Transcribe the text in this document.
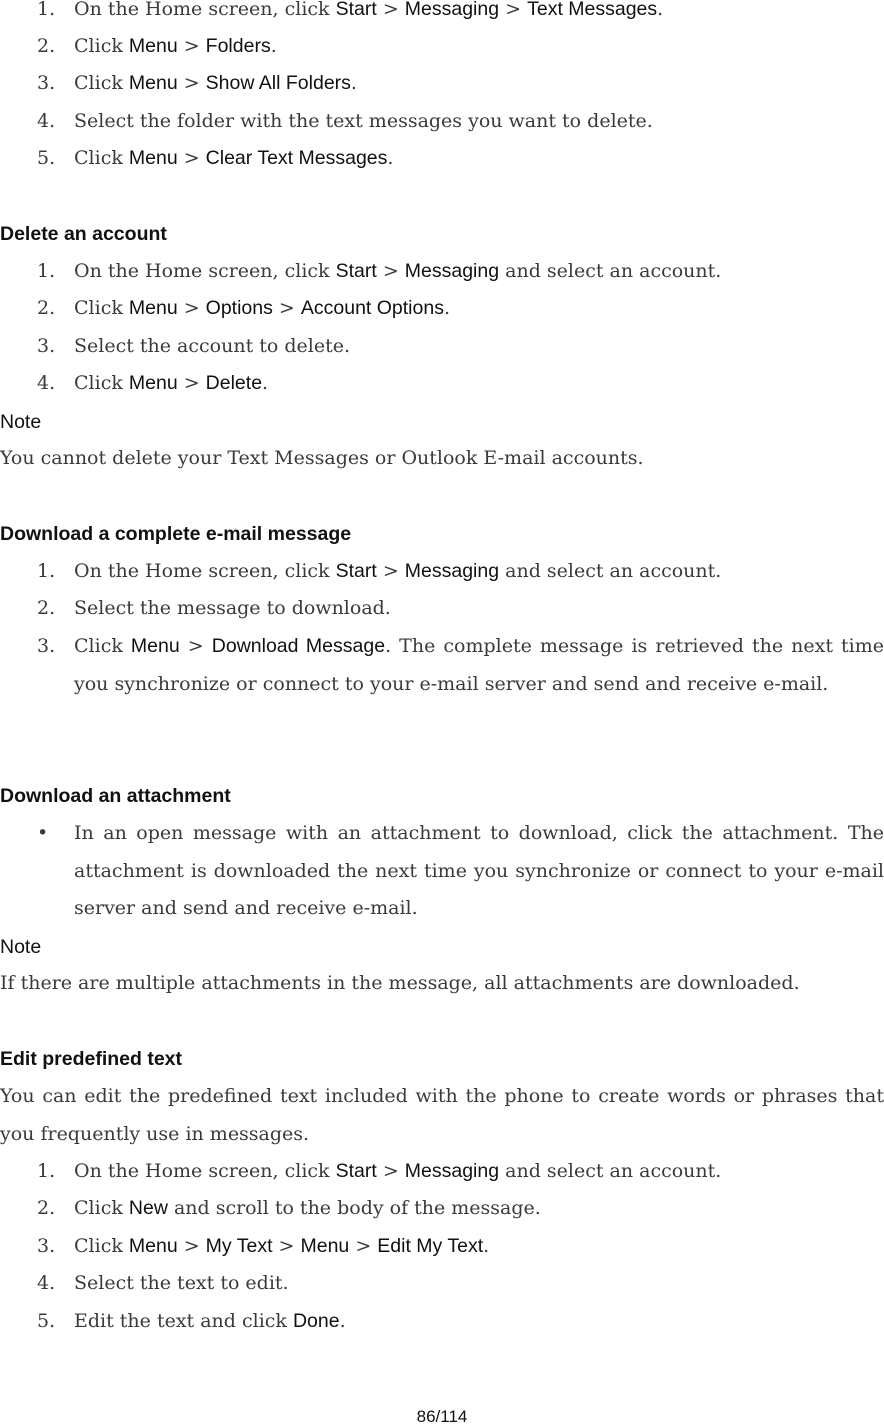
1. On the Home screen, click Start > Messaging > Text Messages.
2. Click Menu > Folders.
3. Click Menu > Show All Folders.
4. Select the folder with the text messages you want to delete.
5. Click Menu > Clear Text Messages.
Delete an account
1. On the Home screen, click Start > Messaging and select an account.
2. Click Menu > Options > Account Options.
3. Select the account to delete.
4. Click Menu > Delete.
Note
You cannot delete your Text Messages or Outlook E-mail accounts.
Download a complete e-mail message
1. On the Home screen, click Start > Messaging and select an account.
2. Select the message to download.
3. Click Menu > Download Message. The complete message is retrieved the next time you synchronize or connect to your e-mail server and send and receive e-mail.
Download an attachment
• In an open message with an attachment to download, click the attachment. The attachment is downloaded the next time you synchronize or connect to your e-mail server and send and receive e-mail.
Note
If there are multiple attachments in the message, all attachments are downloaded.
Edit predefined text
You can edit the predefined text included with the phone to create words or phrases that you frequently use in messages.
1. On the Home screen, click Start > Messaging and select an account.
2. Click New and scroll to the body of the message.
3. Click Menu > My Text > Menu > Edit My Text.
4. Select the text to edit.
5. Edit the text and click Done.
86/114
